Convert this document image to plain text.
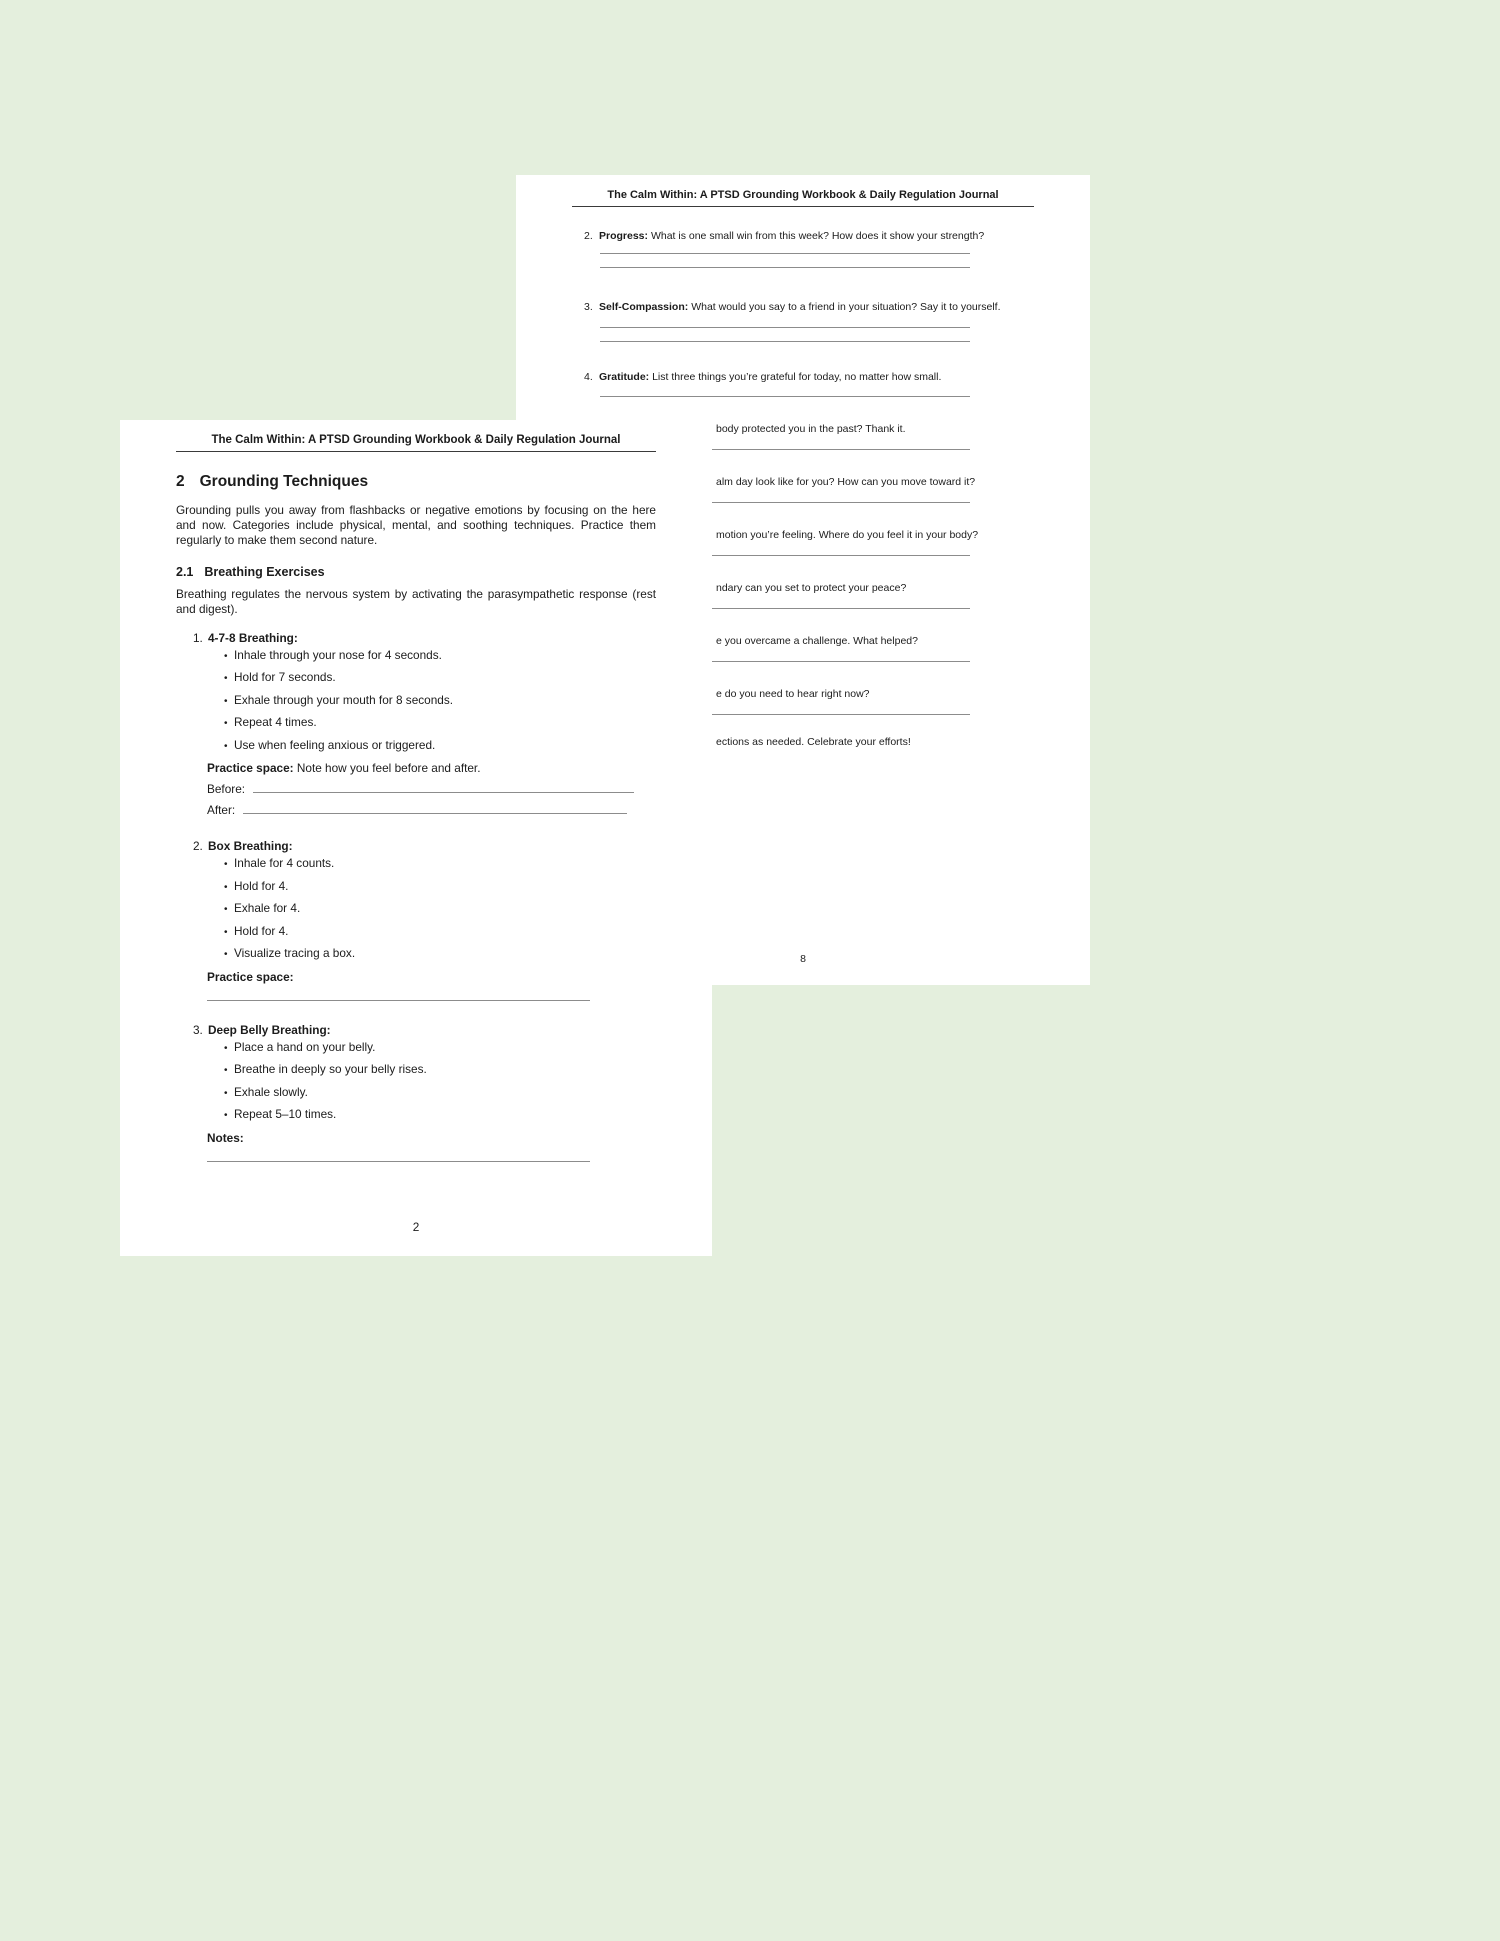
The Calm Within: A PTSD Grounding Workbook & Daily Regulation Journal
2. Progress: What is one small win from this week? How does it show your strength?
3. Self-Compassion: What would you say to a friend in your situation? Say it to yourself.
4. Gratitude: List three things you’re grateful for today, no matter how small.
body protected you in the past? Thank it.
alm day look like for you? How can you move toward it?
motion you’re feeling. Where do you feel it in your body?
ndary can you set to protect your peace?
e you overcame a challenge. What helped?
e do you need to hear right now?
ections as needed. Celebrate your efforts!
8
The Calm Within: A PTSD Grounding Workbook & Daily Regulation Journal
2 Grounding Techniques

Grounding pulls you away from flashbacks or negative emotions by focusing on the here and now. Categories include physical, mental, and soothing techniques. Practice them regularly to make them second nature.

2.1 Breathing Exercises

Breathing regulates the nervous system by activating the parasympathetic response (rest and digest).

1. 4-7-8 Breathing:
•
Inhale through your nose for 4 seconds.
•
Hold for 7 seconds.
•
Exhale through your mouth for 8 seconds.
•
Repeat 4 times.
•
Use when feeling anxious or triggered.
Practice space: Note how you feel before and after.
Before:
After:
2. Box Breathing:
•
Inhale for 4 counts.
•
Hold for 4.
•
Exhale for 4.
•
Hold for 4.
•
Visualize tracing a box.
Practice space:
3. Deep Belly Breathing:
•
Place a hand on your belly.
•
Breathe in deeply so your belly rises.
•
Exhale slowly.
•
Repeat 5–10 times.
Notes:
2
